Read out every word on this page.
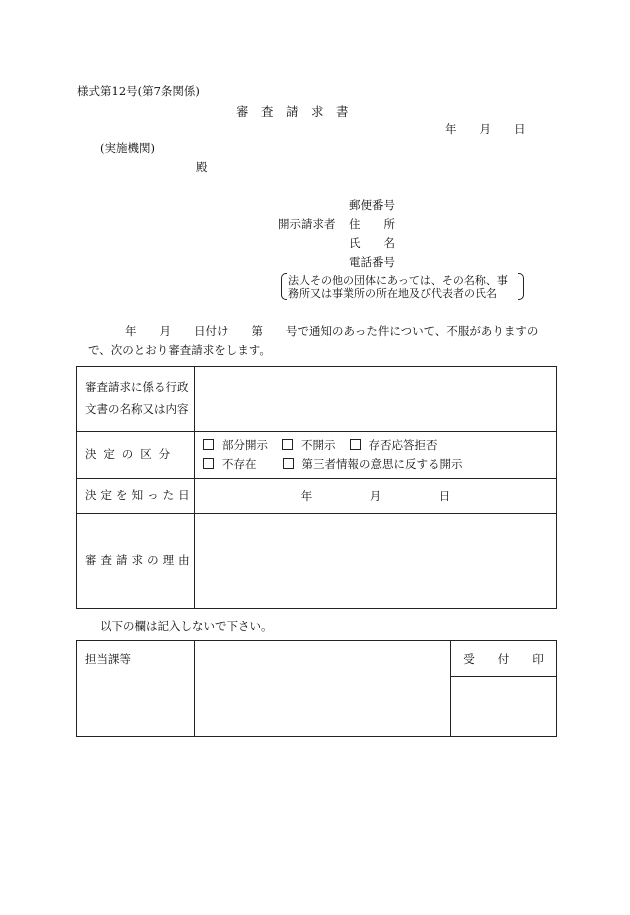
様式第12号(第7条関係)
審　査　請　求　書
年　　月　　日
(実施機関)
殿
郵便番号
開示請求者 住　　所
氏　　名
電話番号
法人その他の団体にあっては、その名称、事
務所又は事業所の所在地及び代表者の氏名
年　　月　　日付け　　第　　号で通知のあった件について、不服がありますの
で、次のとおり審査請求をします。
審査請求に係る行政
文書の名称又は内容	

決定の区分	部分開示 不開示 存否応答拒否
不存在 第三者情報の意思に反する開示

決定を知った日	年　　　　　月　　　　　日
審査請求の理由	
以下の欄は記入しないで下さい。
担当課等		受　　付　　印
